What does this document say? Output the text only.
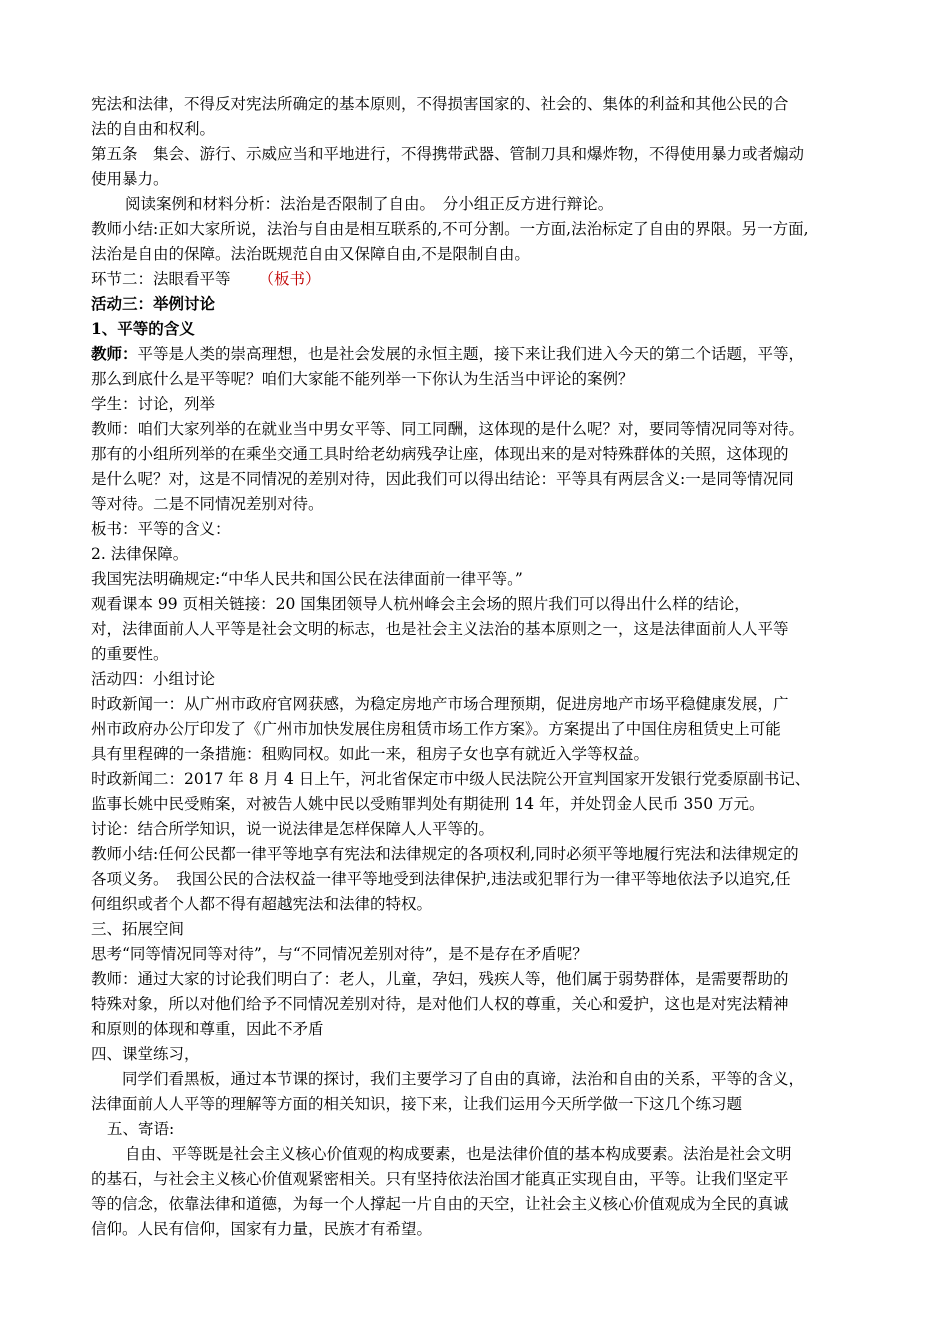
宪法和法律，不得反对宪法所确定的基本原则，不得损害国家的、社会的、集体的利益和其他公民的合
法的自由和权利。
第五条　集会、游行、示威应当和平地进行，不得携带武器、管制刀具和爆炸物，不得使用暴力或者煽动
使用暴力。
阅读案例和材料分析：法治是否限制了自由。　分小组正反方进行辩论。
教师小结:正如大家所说，法治与自由是相互联系的,不可分割。一方面,法治标定了自由的界限。另一方面,
法治是自由的保障。法治既规范自由又保障自由,不是限制自由。
环节二：法眼看平等 （板书）
活动三：举例讨论
1、平等的含义
教师：平等是人类的崇高理想，也是社会发展的永恒主题，接下来让我们进入今天的第二个话题，平等，
那么到底什么是平等呢？咱们大家能不能列举一下你认为生活当中评论的案例？
学生：讨论，列举
教师：咱们大家列举的在就业当中男女平等、同工同酬，这体现的是什么呢？对，要同等情况同等对待。
那有的小组所列举的在乘坐交通工具时给老幼病残孕让座，体现出来的是对特殊群体的关照，这体现的
是什么呢？对，这是不同情况的差别对待，因此我们可以得出结论：平等具有两层含义:一是同等情况同
等对待。二是不同情况差别对待。
板书：平等的含义：
2. 法律保障。
我国宪法明确规定:“中华人民共和国公民在法律面前一律平等。”
观看课本 99 页相关链接：20 国集团领导人杭州峰会主会场的照片我们可以得出什么样的结论，
对，法律面前人人平等是社会文明的标志，也是社会主义法治的基本原则之一，这是法律面前人人平等
的重要性。
活动四：小组讨论
时政新闻一：从广州市政府官网获感，为稳定房地产市场合理预期，促进房地产市场平稳健康发展，广
州市政府办公厅印发了《广州市加快发展住房租赁市场工作方案》。方案提出了中国住房租赁史上可能
具有里程碑的一条措施：租购同权。如此一来，租房子女也享有就近入学等权益。
时政新闻二：2017 年 8 月 4 日上午，河北省保定市中级人民法院公开宣判国家开发银行党委原副书记、
监事长姚中民受贿案，对被告人姚中民以受贿罪判处有期徒刑 14 年，并处罚金人民币 350 万元。
讨论：结合所学知识，说一说法律是怎样保障人人平等的。
教师小结:任何公民都一律平等地享有宪法和法律规定的各项权利,同时必须平等地履行宪法和法律规定的
各项义务。　我国公民的合法权益一律平等地受到法律保护,违法或犯罪行为一律平等地依法予以追究,任
何组织或者个人都不得有超越宪法和法律的特权。
三、拓展空间
思考“同等情况同等对待”，与“不同情况差别对待”，是不是存在矛盾呢？
教师：通过大家的讨论我们明白了：老人，儿童，孕妇，残疾人等，他们属于弱势群体，是需要帮助的
特殊对象，所以对他们给予不同情况差别对待，是对他们人权的尊重，关心和爱护，这也是对宪法精神
和原则的体现和尊重，因此不矛盾
四、课堂练习，
同学们看黑板，通过本节课的探讨，我们主要学习了自由的真谛，法治和自由的关系，平等的含义，
法律面前人人平等的理解等方面的相关知识，接下来，让我们运用今天所学做一下这几个练习题
五、寄语:
自由、平等既是社会主义核心价值观的构成要素，也是法律价值的基本构成要素。法治是社会文明
的基石，与社会主义核心价值观紧密相关。只有坚持依法治国才能真正实现自由，平等。让我们坚定平
等的信念，依靠法律和道德，为每一个人撑起一片自由的天空，让社会主义核心价值观成为全民的真诚
信仰。人民有信仰，国家有力量，民族才有希望。
